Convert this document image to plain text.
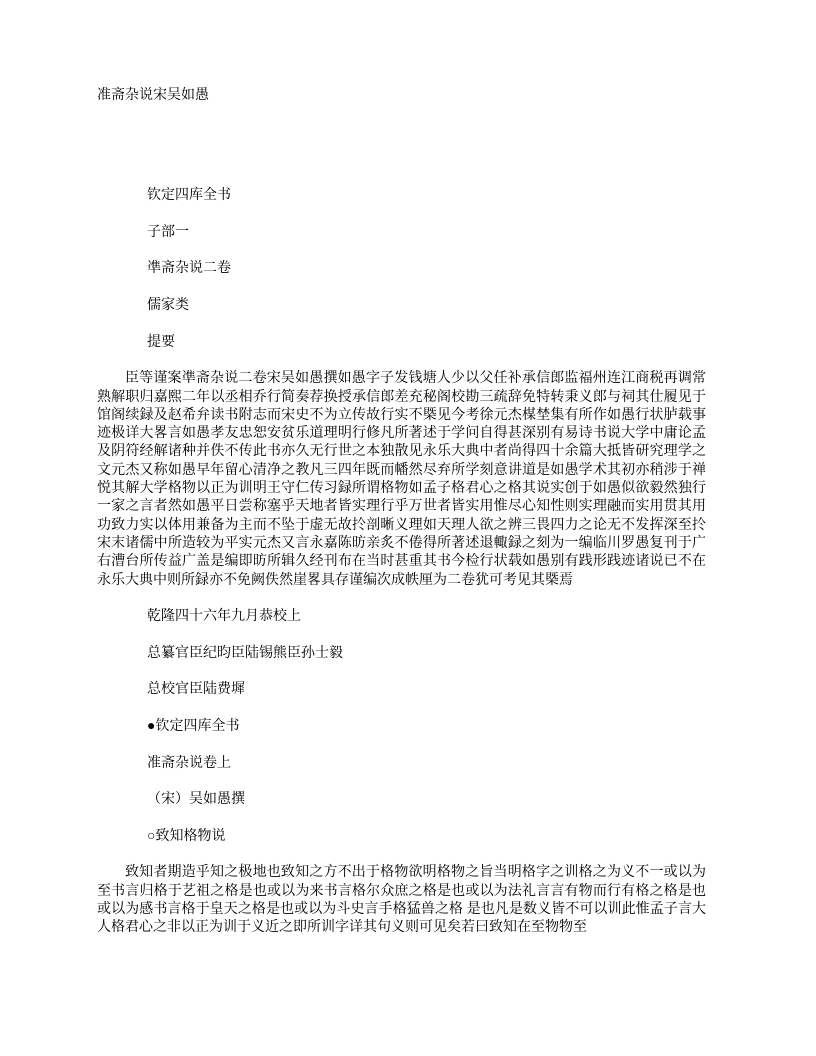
准斋杂说宋吴如愚
钦定四库全书
子部一
凖斋杂说二卷
儒家类
提要

臣等谨案凖斋杂说二卷宋吴如愚撰如愚字子发钱塘人少以父任补承信郎监福州连江商税再调常熟解职归嘉熙二年以丞相乔行简奏荐换授承信郎差充秘阁校勘三疏辞免特转秉义郎与祠其仕履见于馆阁续録及赵希弁读书附志而宋史不为立传故行实不槩见今考徐元杰楳埜集有所作如愚行状胪载事迹极详大畧言如愚孝友忠恕安贫乐道理明行修凡所著述于学问自得甚深别有易诗书说大学中庸论孟及阴符经解诸种并佚不传此书亦久无行世之本独散见永乐大典中者尚得四十余篇大抵皆研究理学之文元杰又称如愚早年留心清净之教凡三四年既而幡然尽弃所学刻意讲道是如愚学术其初亦稍涉于禅悦其解大学格物以正为训明王守仁传习録所谓格物如孟子格君心之格其说实创于如愚似欲毅然独行一家之言者然如愚平日尝称塞乎天地者皆实理行乎万世者皆实用惟尽心知性则实理融而实用贯其用功致力实以体用兼备为主而不坠于虚无故扵剖晰义理如天理人欲之辨三畏四力之论无不发挥深至扵宋末诸儒中所造较为平实元杰又言永嘉陈昉亲炙不倦得所著述退輙録之刻为一编临川罗愚复刊于广右漕台所传益广盖是编即昉所辑久经刊布在当时甚重其书今检行状载如愚别有践形践迹诸说已不在永乐大典中则所録亦不免阙佚然崖畧具存谨编次成帙厘为二卷犹可考见其槩焉

乾隆四十六年九月恭校上
总纂官臣纪昀臣陆锡熊臣孙士毅
总校官臣陆费墀
●钦定四库全书
准斋杂说卷上
（宋）吴如愚撰
○致知格物说

致知者期造乎知之极地也致知之方不出于格物欲明格物之旨当明格字之训格之为义不一或以为至书言归格于艺祖之格是也或以为来书言格尔众庶之格是也或以为法礼言言有物而行有格之格是也或以为感书言格于皇天之格是也或以为斗史言手格猛兽之格 是也凡是数义皆不可以训此惟孟子言大人格君心之非以正为训于义近之即所训字详其句义则可见矣若曰致知在至物物至
